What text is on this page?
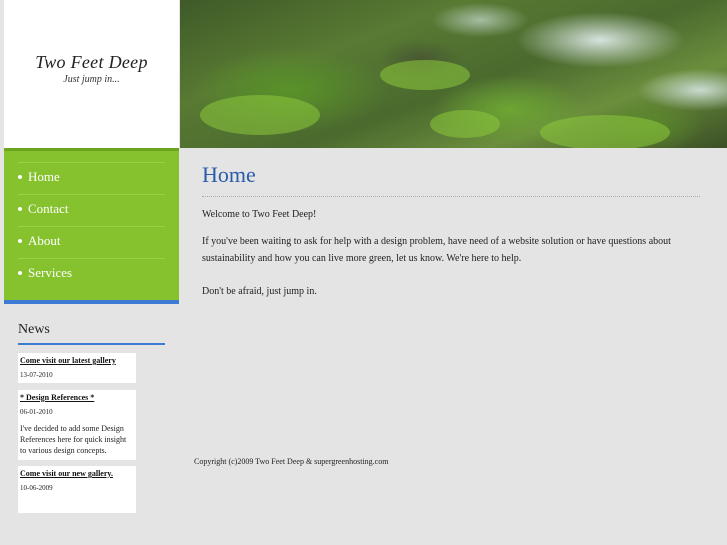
Two Feet Deep
Just jump in...
Home
Contact
About
Services
News
Come visit our latest gallery
13-07-2010
* Design References *
06-01-2010
I've decided to add some Design References here for quick insight to various design concepts.
Come visit our new gallery.
10-06-2009
Home
Welcome to Two Feet Deep!
If you've been waiting to ask for help with a design problem, have need of a website solution or have questions about sustainability and how you can live more green, let us know. We're here to help.
Don't be afraid, just jump in.
Copyright (c)2009 Two Feet Deep & supergreenhosting.com
